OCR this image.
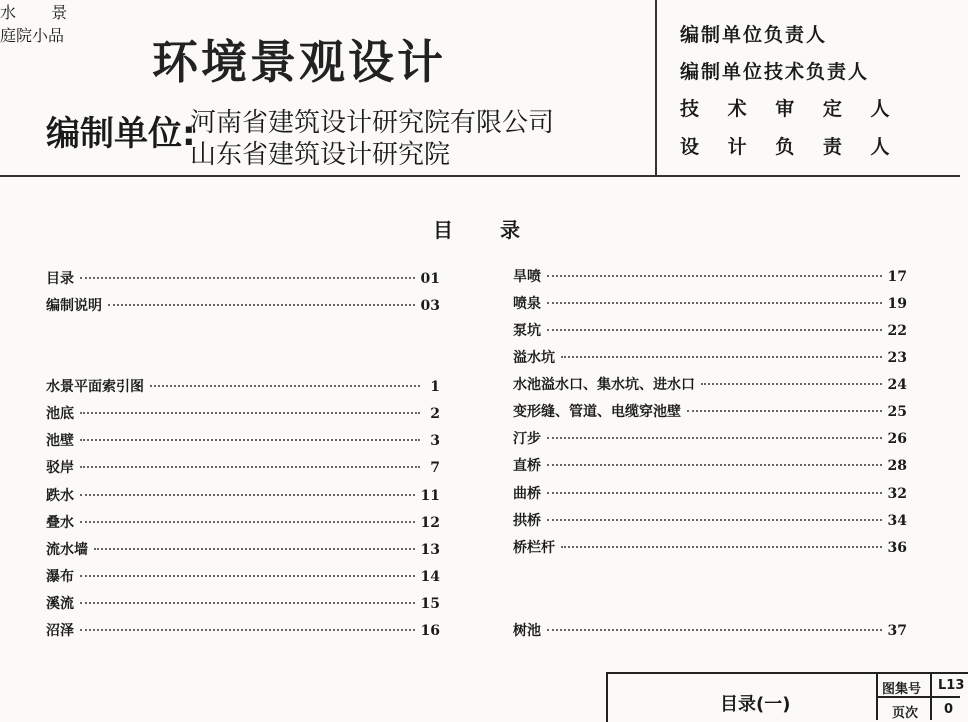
环境景观设计
编制单位:
河南省建筑设计研究院有限公司
山东省建筑设计研究院
编制单位负责人
编制单位技术负责人
技 术 审 定 人
设 计 负 责 人
目 录
目录	01
编制说明	03
水 景
水景平面索引图	1
池底	2
池壁	3
驳岸	7
跌水	11
叠水	12
流水墙	13
瀑布	14
溪流	15
沼泽	16
旱喷	17
喷泉	19
泵坑	22
溢水坑	23
水池溢水口、集水坑、进水口	24
变形缝、管道、电缆穿池壁	25
汀步	26
直桥	28
曲桥	32
拱桥	34
桥栏杆	36
庭院小品
树池	37
目录(一)
图集号 L13
页次 0
